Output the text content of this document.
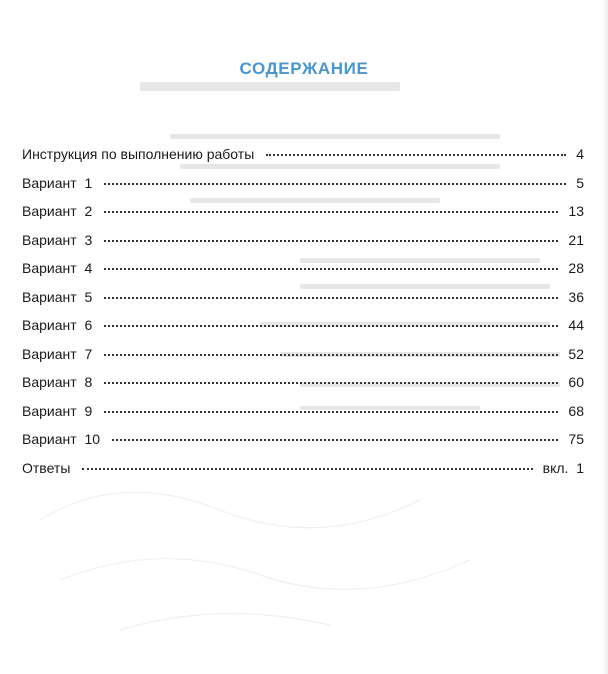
СОДЕРЖАНИЕ
Инструкция по выполнению работы	4
Вариант  1	5
Вариант  2	13
Вариант  3	21
Вариант  4	28
Вариант  5	36
Вариант  6	44
Вариант  7	52
Вариант  8	60
Вариант  9	68
Вариант  10	75
Ответы	вкл.  1
